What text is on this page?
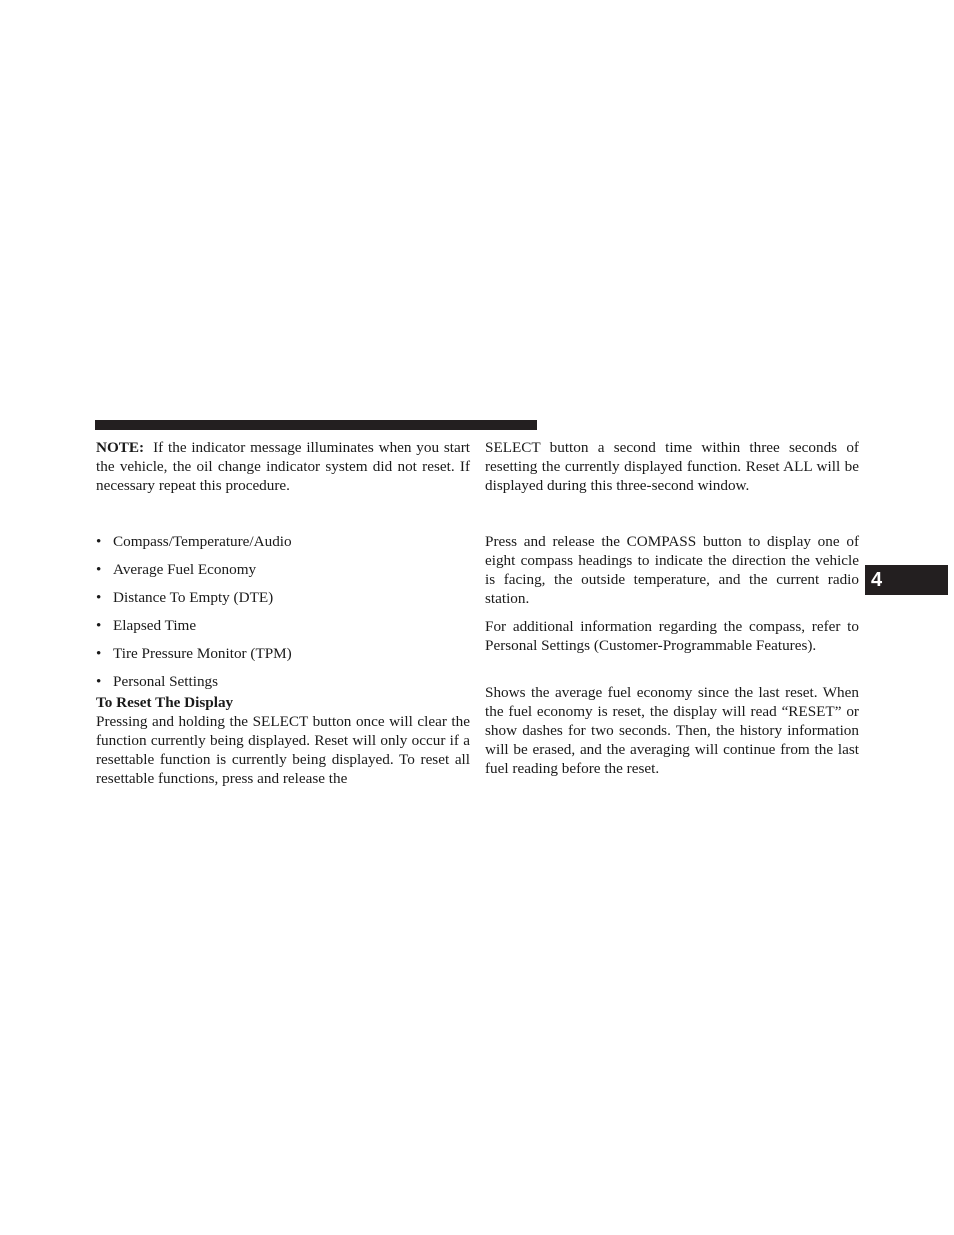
NOTE: If the indicator message illuminates when you start the vehicle, the oil change indicator system did not reset. If necessary repeat this procedure.

• Compass/Temperature/Audio
• Average Fuel Economy
• Distance To Empty (DTE)
• Elapsed Time
• Tire Pressure Monitor (TPM)
• Personal Settings
To Reset The Display

Pressing and holding the SELECT button once will clear the function currently being displayed. Reset will only occur if a resettable function is currently being displayed. To reset all resettable functions, press and release the

SELECT button a second time within three seconds of resetting the currently displayed function. Reset ALL will be displayed during this three-second window.

Press and release the COMPASS button to display one of eight compass headings to indicate the direction the vehicle is facing, the outside temperature, and the current radio station.

For additional information regarding the compass, refer to Personal Settings (Customer-Programmable Features).

Shows the average fuel economy since the last reset. When the fuel economy is reset, the display will read “RESET” or show dashes for two seconds. Then, the history information will be erased, and the averaging will continue from the last fuel reading before the reset.

4
